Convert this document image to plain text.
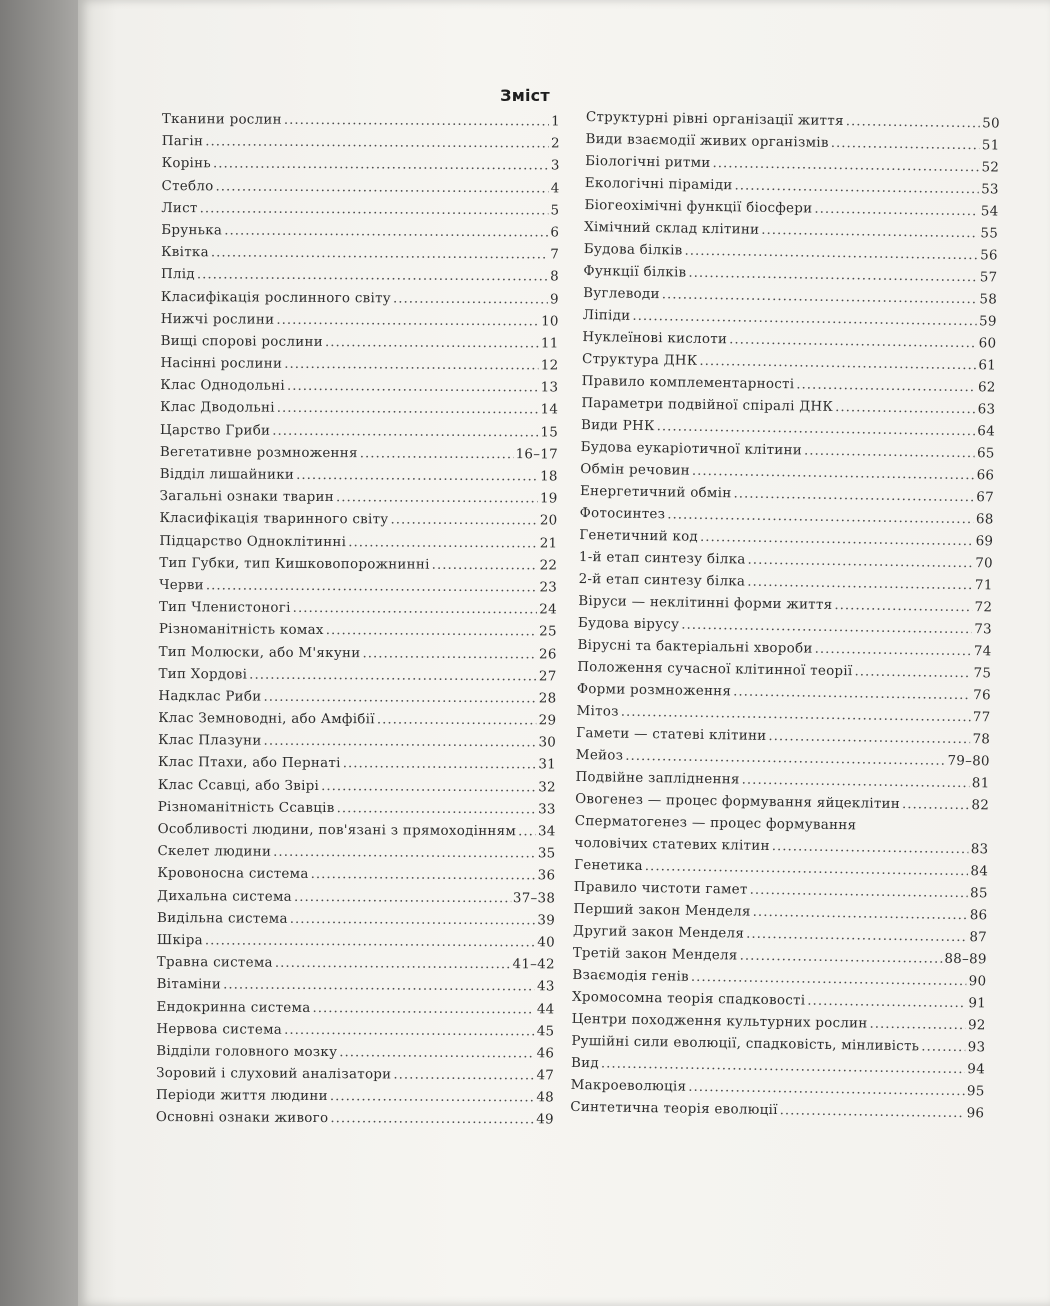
Зміст
Тканини рослин .....	1
Пагін .....	2
Корінь .....	3
Стебло .....	4
Лист .....	5
Брунька .....	6
Квітка .....	7
Плід .....	8
Класифікація рослинного світу .....	9
Нижчі рослини .....	10
Вищі спорові рослини .....	11
Насінні рослини .....	12
Клас Однодольні .....	13
Клас Дводольні .....	14
Царство Гриби .....	15
Вегетативне розмноження .....	16–17
Відділ лишайники .....	18
Загальні ознаки тварин .....	19
Класифікація тваринного світу .....	20
Підцарство Одноклітинні .....	21
Тип Губки, тип Кишковопорожнинні .....	22
Черви .....	23
Тип Членистоногі .....	24
Різноманітність комах .....	25
Тип Молюски, або М'якуни .....	26
Тип Хордові .....	27
Надклас Риби .....	28
Клас Земноводні, або Амфібії .....	29
Клас Плазуни .....	30
Клас Птахи, або Пернаті .....	31
Клас Ссавці, або Звірі .....	32
Різноманітність Ссавців .....	33
Особливості людини, пов'язані з прямоходінням ..... 34
Скелет людини .....	35
Кровоносна система .....	36
Дихальна система .....	37–38
Видільна система .....	39
Шкіра .....	40
Травна система .....	41–42
Вітаміни .....	43
Ендокринна система .....	44
Нервова система .....	45
Відділи головного мозку .....	46
Зоровий і слуховий аналізатори .....	47
Періоди життя людини .....	48
Основні ознаки живого .....	49
Структурні рівні організації життя .....	50
Види взаємодії живих організмів .....	51
Біологічні ритми .....	52
Екологічні піраміди .....	53
Біогеохімічні функції біосфери .....	54
Хімічний склад клітини .....	55
Будова білків .....	56
Функції білків .....	57
Вуглеводи .....	58
Ліпіди .....	59
Нуклеїнові кислоти .....	60
Структура ДНК .....	61
Правило комплементарності .....	62
Параметри подвійної спіралі ДНК .....	63
Види РНК .....	64
Будова еукаріотичної клітини .....	65
Обмін речовин .....	66
Енергетичний обмін .....	67
Фотосинтез .....	68
Генетичний код .....	69
1-й етап синтезу білка .....	70
2-й етап синтезу білка .....	71
Віруси — неклітинні форми життя .....	72
Будова вірусу .....	73
Вірусні та бактеріальні хвороби .....	74
Положення сучасної клітинної теорії .....	75
Форми розмноження .....	76
Мітоз .....	77
Гамети — статеві клітини .....	78
Мейоз .....	79–80
Подвійне запліднення .....	81
Овогенез — процес формування яйцеклітин .....	82
Сперматогенез — процес формування
чоловічих статевих клітин .....	83
Генетика .....	84
Правило чистоти гамет .....	85
Перший закон Менделя .....	86
Другий закон Менделя .....	87
Третій закон Менделя .....	88–89
Взаємодія генів .....	90
Хромосомна теорія спадковості .....	91
Центри походження культурних рослин .....	92
Рушійні сили еволюції, спадковість, мінливість .....	93
Вид .....	94
Макроеволюція .....	95
Синтетична теорія еволюції .....	96
